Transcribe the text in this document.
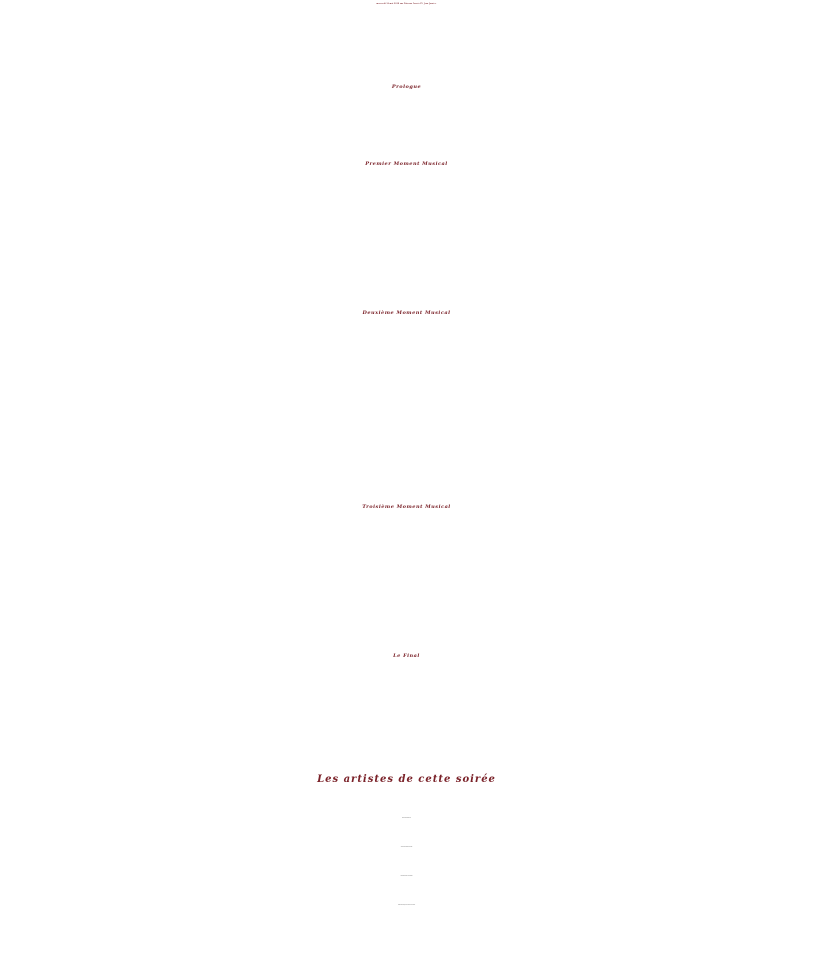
mercredi 16 mai 2018 aux Poteaux Carrés Pl. Jean Jaurès.
Prologue
Premier Moment Musical
Deuxième Moment Musical
Troisième Moment Musical
Le Final
Les artistes de cette soirée
